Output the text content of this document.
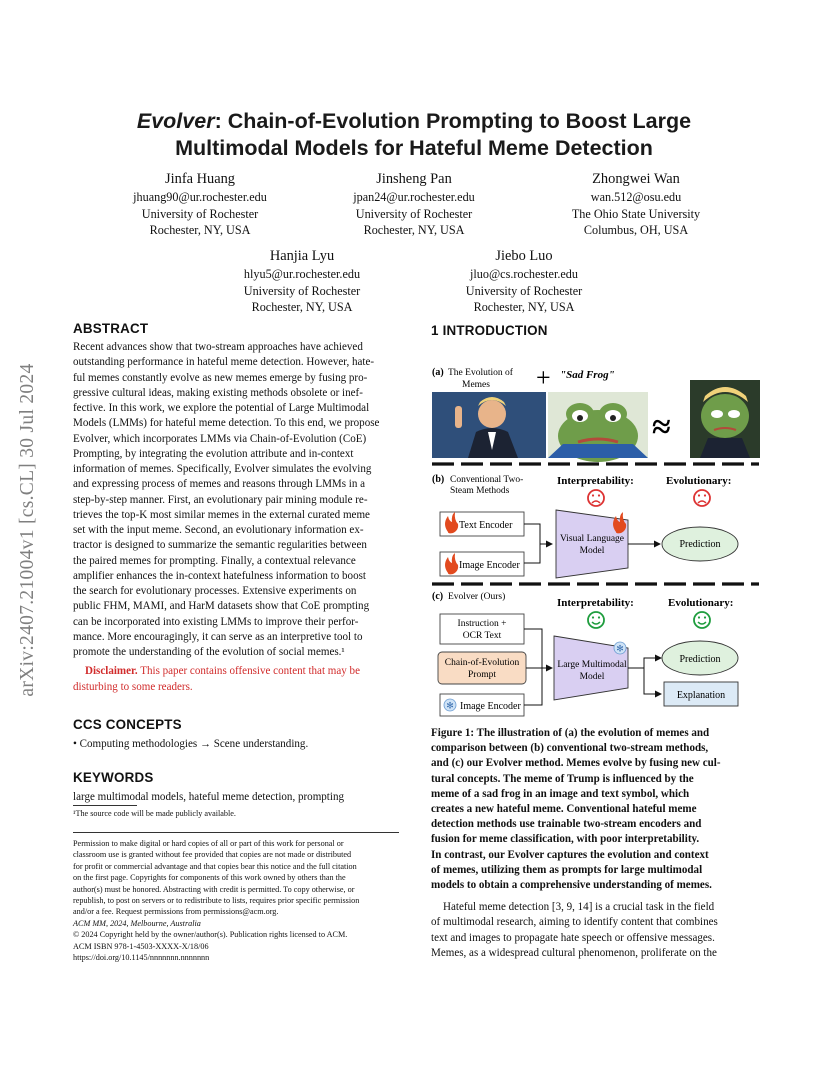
arXiv:2407.21004v1 [cs.CL] 30 Jul 2024
Evolver: Chain-of-Evolution Prompting to Boost Large
Multimodal Models for Hateful Meme Detection
Jinfa Huang
jhuang90@ur.rochester.edu
University of Rochester
Rochester, NY, USA
Jinsheng Pan
jpan24@ur.rochester.edu
University of Rochester
Rochester, NY, USA
Zhongwei Wan
wan.512@osu.edu
The Ohio State University
Columbus, OH, USA
Hanjia Lyu
hlyu5@ur.rochester.edu
University of Rochester
Rochester, NY, USA
Jiebo Luo
jluo@cs.rochester.edu
University of Rochester
Rochester, NY, USA
ABSTRACT
Recent advances show that two-stream approaches have achieved
outstanding performance in hateful meme detection. However, hate-
ful memes constantly evolve as new memes emerge by fusing pro-
gressive cultural ideas, making existing methods obsolete or inef-
fective. In this work, we explore the potential of Large Multimodal
Models (LMMs) for hateful meme detection. To this end, we propose
Evolver, which incorporates LMMs via Chain-of-Evolution (CoE)
Prompting, by integrating the evolution attribute and in-context
information of memes. Specifically, Evolver simulates the evolving
and expressing process of memes and reasons through LMMs in a
step-by-step manner. First, an evolutionary pair mining module re-
trieves the top-K most similar memes in the external curated meme
set with the input meme. Second, an evolutionary information ex-
tractor is designed to summarize the semantic regularities between
the paired memes for prompting. Finally, a contextual relevance
amplifier enhances the in-context hatefulness information to boost
the search for evolutionary processes. Extensive experiments on
public FHM, MAMI, and HarM datasets show that CoE prompting
can be incorporated into existing LMMs to improve their perfor-
mance. More encouragingly, it can serve as an interpretive tool to
promote the understanding of the evolution of social memes.¹
Disclaimer. This paper contains offensive content that may be
disturbing to some readers.
CCS CONCEPTS
• Computing methodologies → Scene understanding.
KEYWORDS
large multimodal models, hateful meme detection, prompting
¹The source code will be made publicly available.
Permission to make digital or hard copies of all or part of this work for personal or
classroom use is granted without fee provided that copies are not made or distributed
for profit or commercial advantage and that copies bear this notice and the full citation
on the first page. Copyrights for components of this work owned by others than the
author(s) must be honored. Abstracting with credit is permitted. To copy otherwise, or
republish, to post on servers or to redistribute to lists, requires prior specific permission
and/or a fee. Request permissions from permissions@acm.org.
ACM MM, 2024, Melbourne, Australia
© 2024 Copyright held by the owner/author(s). Publication rights licensed to ACM.
ACM ISBN 978-1-4503-XXXX-X/18/06
https://doi.org/10.1145/nnnnnnn.nnnnnnn
1 INTRODUCTION
(a) The Evolution of
Memes + "Sad Frog"
≈
(b) Conventional Two-
Steam Methods
Interpretability:	Evolutionary:
Text Encoder
Image Encoder
Visual Language
Model
Prediction
(c) Evolver (Ours)	Interpretability:	Evolutionary:
Instruction +
OCR Text
Chain-of-Evolution
Prompt
✻ Image Encoder
✻
Large Multimodal
Model
Prediction
Explanation
Figure 1: The illustration of (a) the evolution of memes and
comparison between (b) conventional two-stream methods,
and (c) our Evolver method. Memes evolve by fusing new cul-
tural concepts. The meme of Trump is influenced by the
meme of a sad frog in an image and text symbol, which
creates a new hateful meme. Conventional hateful meme
detection methods use trainable two-stream encoders and
fusion for meme classification, with poor interpretability.
In contrast, our Evolver captures the evolution and context
of memes, utilizing them as prompts for large multimodal
models to obtain a comprehensive understanding of memes.
Hateful meme detection [3, 9, 14] is a crucial task in the field
of multimodal research, aiming to identify content that combines
text and images to propagate hate speech or offensive messages.
Memes, as a widespread cultural phenomenon, proliferate on the
